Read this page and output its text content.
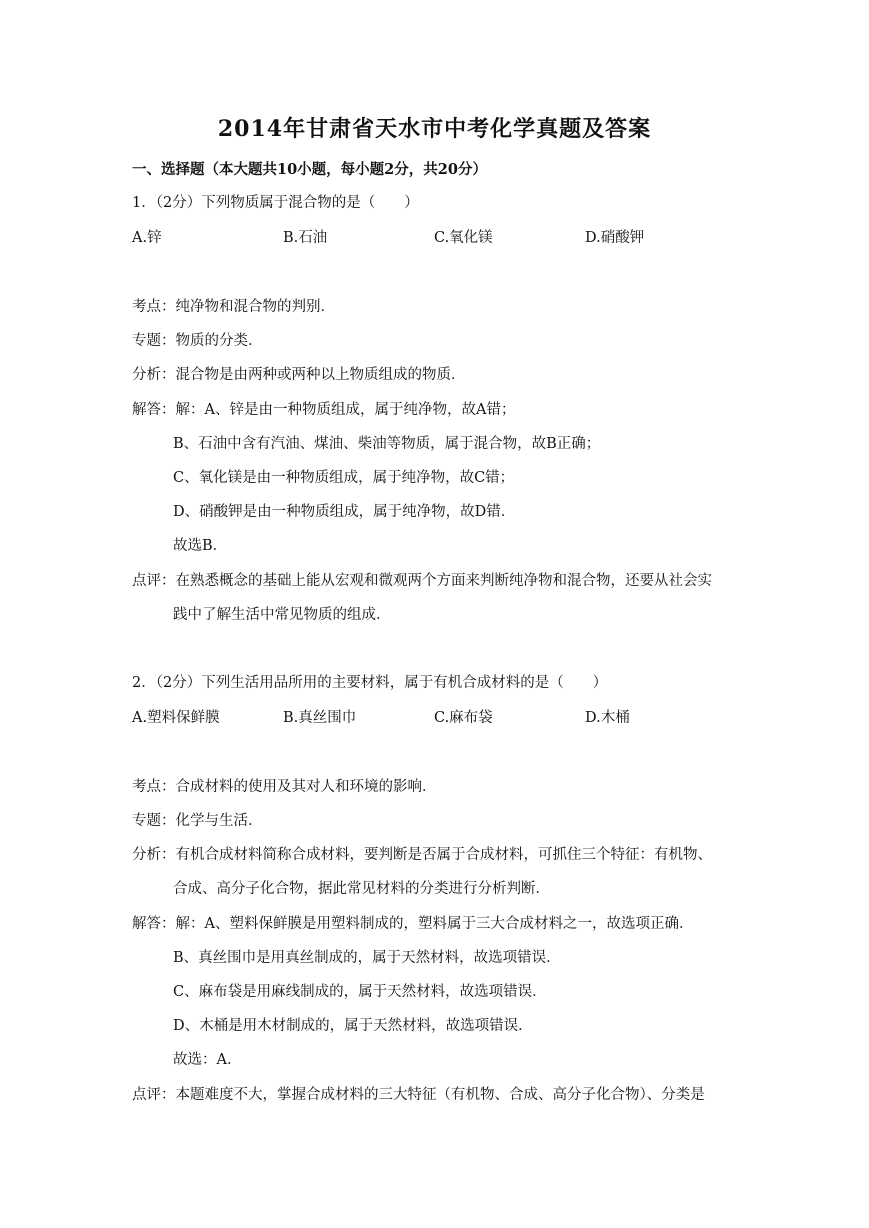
2014年甘肃省天水市中考化学真题及答案
一、选择题（本大题共10小题，每小题2分，共20分）
1．（2分）下列物质属于混合物的是（　　）
A.锌	B.石油	C.氧化镁	D.硝酸钾
考点：纯净物和混合物的判别．
专题：物质的分类．
分析：混合物是由两种或两种以上物质组成的物质．
解答：解：A、锌是由一种物质组成，属于纯净物，故A错；
B、石油中含有汽油、煤油、柴油等物质，属于混合物，故B正确；
C、氧化镁是由一种物质组成，属于纯净物，故C错；
D、硝酸钾是由一种物质组成，属于纯净物，故D错．
故选B．
点评：在熟悉概念的基础上能从宏观和微观两个方面来判断纯净物和混合物，还要从社会实
践中了解生活中常见物质的组成．
2．（2分）下列生活用品所用的主要材料，属于有机合成材料的是（　　）
A.塑料保鲜膜	B.真丝围巾	C.麻布袋	D.木桶
考点：合成材料的使用及其对人和环境的影响．
专题：化学与生活．
分析：有机合成材料简称合成材料，要判断是否属于合成材料，可抓住三个特征：有机物、
合成、高分子化合物，据此常见材料的分类进行分析判断．
解答：解：A、塑料保鲜膜是用塑料制成的，塑料属于三大合成材料之一，故选项正确．
B、真丝围巾是用真丝制成的，属于天然材料，故选项错误．
C、麻布袋是用麻线制成的，属于天然材料，故选项错误．
D、木桶是用木材制成的，属于天然材料，故选项错误．
故选：A．
点评：本题难度不大，掌握合成材料的三大特征（有机物、合成、高分子化合物）、分类是
